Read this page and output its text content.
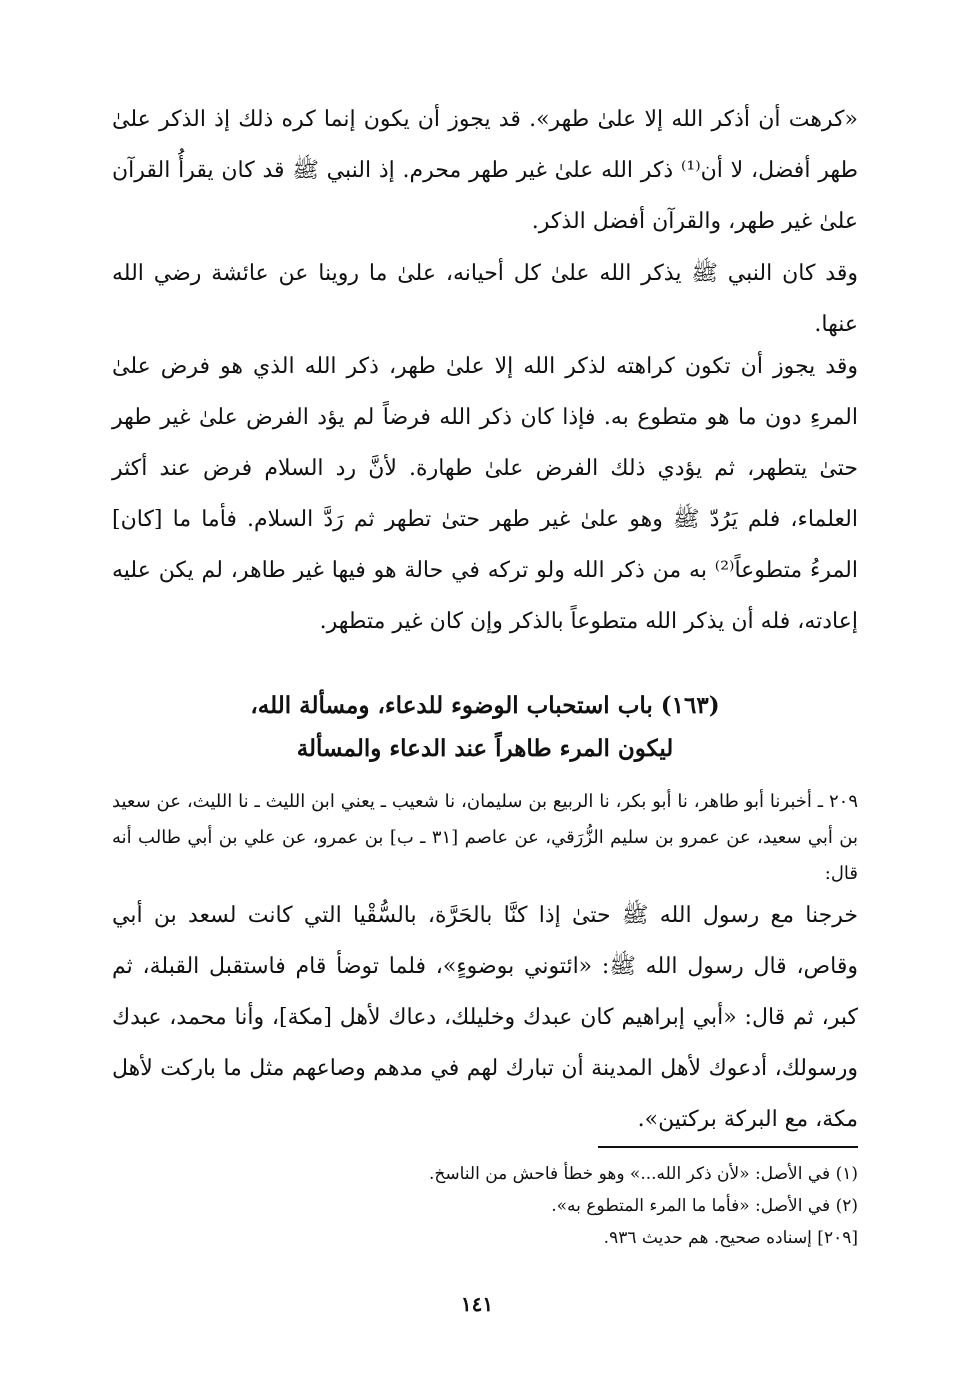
«كرهت أن أذكر الله إلا علىٰ طهر». قد يجوز أن يكون إنما كره ذلك إذ الذكر علىٰ طهر أفضل، لا أن⁽¹⁾ ذكر الله علىٰ غير طهر محرم. إذ النبي ﷺ قد كان يقرأُ القرآن علىٰ غير طهر، والقرآن أفضل الذكر.

وقد كان النبي ﷺ يذكر الله علىٰ كل أحيانه، علىٰ ما روينا عن عائشة رضي الله عنها.

وقد يجوز أن تكون كراهته لذكر الله إلا علىٰ طهر، ذكر الله الذي هو فرض علىٰ المرءِ دون ما هو متطوع به. فإذا كان ذكر الله فرضاً لم يؤد الفرض علىٰ غير طهر حتىٰ يتطهر، ثم يؤدي ذلك الفرض علىٰ طهارة. لأنَّ رد السلام فرض عند أكثر العلماء، فلم يَرُدّ ﷺ وهو علىٰ غير طهر حتىٰ تطهر ثم رَدَّ السلام. فأما ما [كان] المرءُ متطوعاً⁽²⁾ به من ذكر الله ولو تركه في حالة هو فيها غير طاهر، لم يكن عليه إعادته، فله أن يذكر الله متطوعاً بالذكر وإن كان غير متطهر.

(١٦٣) باب استحباب الوضوء للدعاء، ومسألة الله،
ليكون المرء طاهراً عند الدعاء والمسألة

٢٠٩ ـ أخبرنا أبو طاهر، نا أبو بكر، نا الربيع بن سليمان، نا شعيب ـ يعني ابن الليث ـ نا الليث، عن سعيد بن أبي سعيد، عن عمرو بن سليم الزُّرَقي، عن عاصم [٣١ ـ ب] بن عمرو، عن علي بن أبي طالب أنه قال:

خرجنا مع رسول الله ﷺ حتىٰ إذا كنَّا بالحَرَّة، بالسُّقْيا التي كانت لسعد بن أبي وقاص، قال رسول الله ﷺ: «ائتوني بوضوءٍ»، فلما توضأ قام فاستقبل القبلة، ثم كبر، ثم قال: «أبي إبراهيم كان عبدك وخليلك، دعاك لأهل [مكة]، وأنا محمد، عبدك ورسولك، أدعوك لأهل المدينة أن تبارك لهم في مدهم وصاعهم مثل ما باركت لأهل مكة، مع البركة بركتين».

(١) في الأصل: «لأن ذكر الله...» وهو خطأ فاحش من الناسخ.

(٢) في الأصل: «فأما ما المرء المتطوع به».

[٢٠٩] إسناده صحيح. هم حديث ٩٣٦.

١٤١
